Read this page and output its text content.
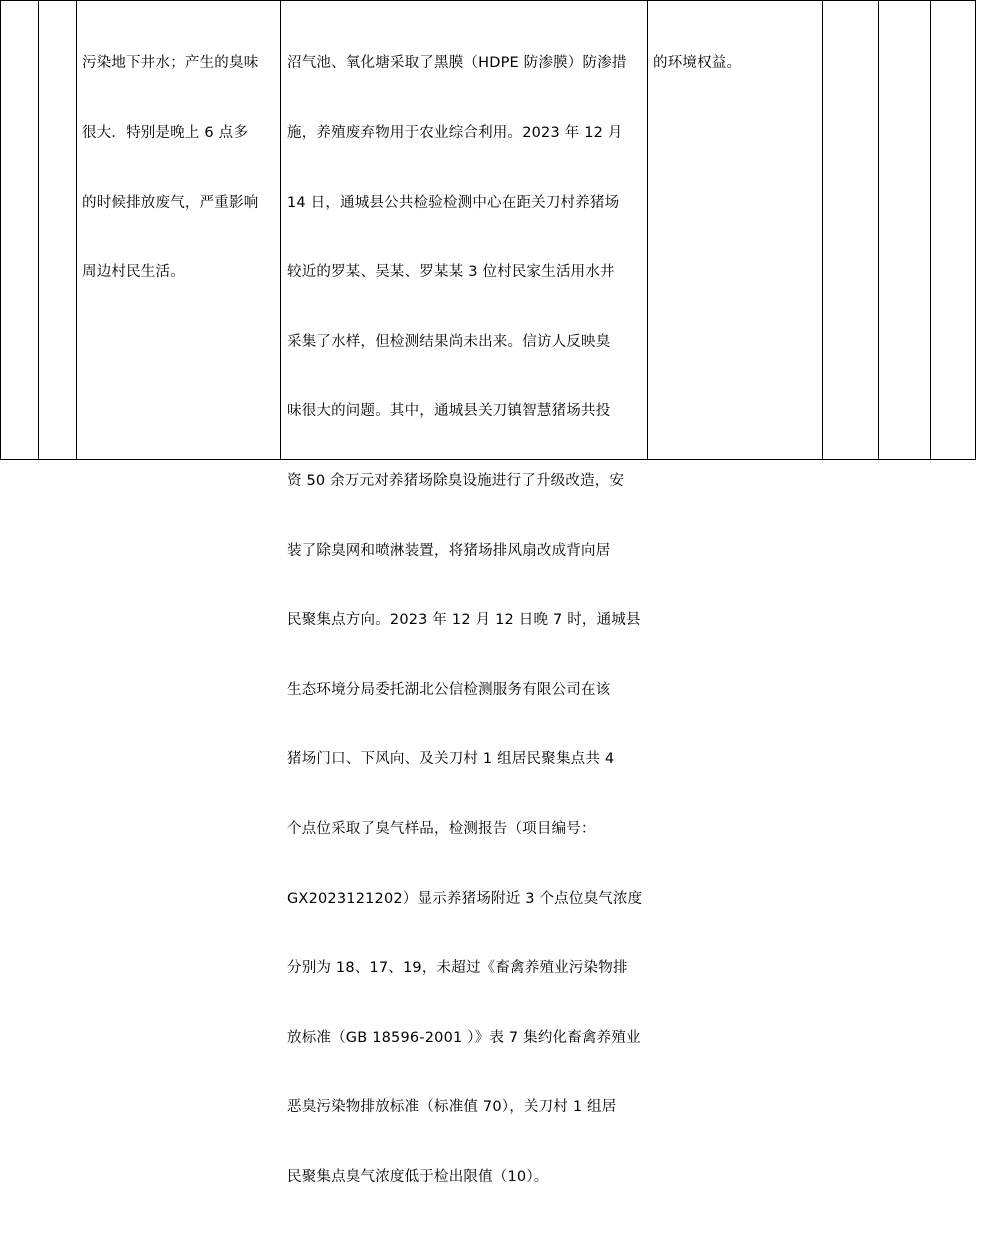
污染地下井水；产生的臭味

很大．特别是晚上 6 点多

的时候排放废气，严重影响

周边村民生活。

沼气池、氧化塘采取了黑膜（HDPE 防渗膜）防渗措

施，养殖废弃物用于农业综合利用。2023 年 12 月

14 日，通城县公共检验检测中心在距关刀村养猪场

较近的罗某、吴某、罗某某 3 位村民家生活用水井

采集了水样，但检测结果尚未出来。信访人反映臭

味很大的问题。其中，通城县关刀镇智慧猪场共投

资 50 余万元对养猪场除臭设施进行了升级改造，安

装了除臭网和喷淋装置，将猪场排风扇改成背向居

民聚集点方向。2023 年 12 月 12 日晚 7 时，通城县

生态环境分局委托湖北公信检测服务有限公司在该

猪场门口、下风向、及关刀村 1 组居民聚集点共 4

个点位采取了臭气样品，检测报告（项目编号：

GX2023121202）显示养猪场附近 3 个点位臭气浓度

分别为 18、17、19，未超过《畜禽养殖业污染物排

放标准（GB 18596-2001 ）》表 7 集约化畜禽养殖业

恶臭污染物排放标准（标准值 70），关刀村 1 组居

民聚集点臭气浓度低于检出限值（10）。

的环境权益。
